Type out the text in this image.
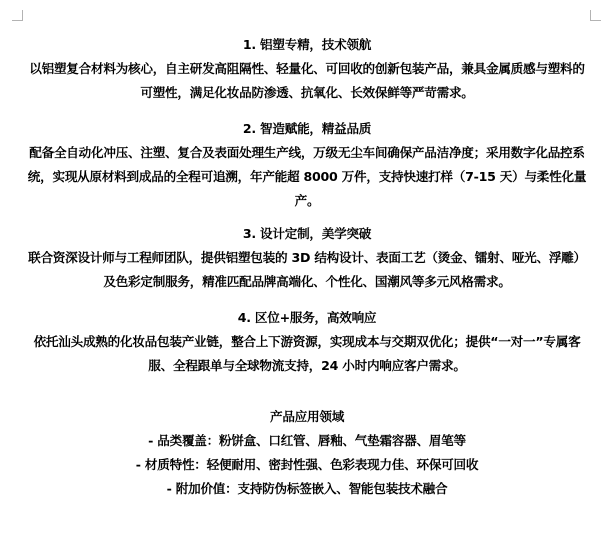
1. 铝塑专精，技术领航
以铝塑复合材料为核心，自主研发高阻隔性、轻量化、可回收的创新包装产品，兼具金属质感与塑料的可塑性，满足化妆品防渗透、抗氧化、长效保鲜等严苛需求。
2. 智造赋能，精益品质
配备全自动化冲压、注塑、复合及表面处理生产线，万级无尘车间确保产品洁净度；采用数字化品控系统，实现从原材料到成品的全程可追溯，年产能超 8000 万件，支持快速打样（7-15 天）与柔性化量产。
3. 设计定制，美学突破
联合资深设计师与工程师团队，提供铝塑包装的 3D 结构设计、表面工艺（烫金、镭射、哑光、浮雕）及色彩定制服务，精准匹配品牌高端化、个性化、国潮风等多元风格需求。
4. 区位+服务，高效响应
依托汕头成熟的化妆品包装产业链，整合上下游资源，实现成本与交期双优化；提供“一对一”专属客服、全程跟单与全球物流支持，24 小时内响应客户需求。
产品应用领域
- 品类覆盖：粉饼盒、口红管、唇釉、气垫霜容器、眉笔等
- 材质特性：轻便耐用、密封性强、色彩表现力佳、环保可回收
- 附加价值：支持防伪标签嵌入、智能包装技术融合
